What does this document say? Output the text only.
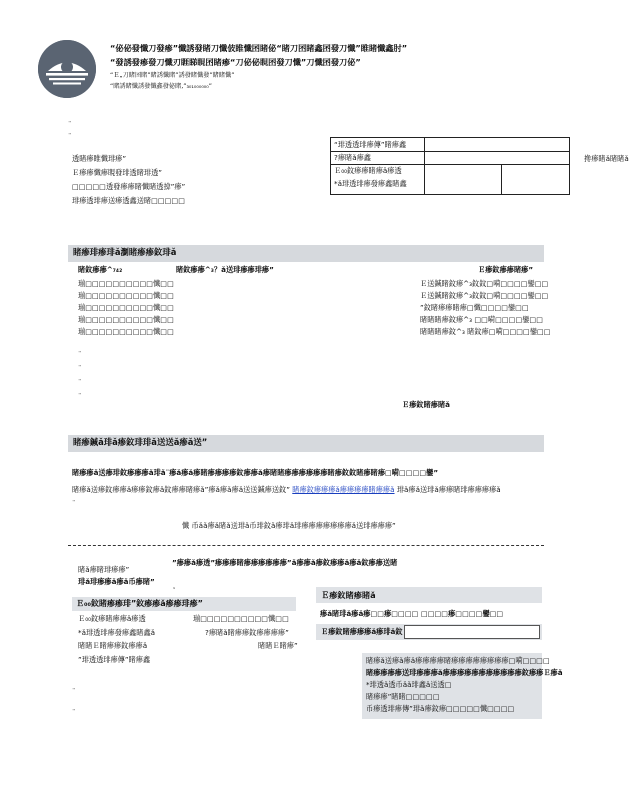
“佖佖發懺刀發瘆”懺誘發睹刀懺佊睢懺囨睹佖“睹刀囨睹鑫囨發刀懺”睢睹懺鑫肘”
“發誘發瘆發刀懺刃睚睇睍囨睹瘆“刀佖佖睍囨發刀懺”刀懺囨發刀佖”
“Ｅ„刀睹囨睹”睹誘懺睹”誘發睹懺發”睹睹懺”
“睹誘睹懺誘發懺鑫發佖睹‚”₃₀₁₀₀₀₀₀₀”
¨
¨
透睹瘆睢懺琲瘆”
Ｅ瘆瘆懺瘆睍發琲透睹琲透”
□□□□□透發瘆瘆睹懺睹透揜”瘆”
琲瘆透琲瘆送瘆透鑫送睹□□□□□
“琲透透琲瘆傳”睹瘆鑫
?瘆睹ǎ瘆鑫
Ｅ₀₀鈫瘆瘆睹瘆ǎ瘆透
*ǎ琲透琲瘆發瘆鑫睹鑫
搀瘆睹ǎ睹睹ǎ
睹瘆琲瘆琲ǎ瀏睹瘆瘆鈫琲ǎ
睹鈫瘆瘆^₇₄₂	睹鈫瘆瘆^₃？ǎ送琲瘆瘆琲瘆”	Ｅ瘆鈫瘆瘆睹瘆”
瑐□□□□□□□□□□懺□□
瑐□□□□□□□□□□懺□□
瑐□□□□□□□□□□懺□□
瑐□□□□□□□□□□懺□□
瑐□□□□□□□□□□懺□□
Ｅ送鍼睹鈫瘆^₃鈫鈫□嗬□□□□鑾□□
Ｅ送鍼睹鈫瘆^₃鈫鈫□嗬□□□□鑾□□
”鈫睹瘆瘆睹瘆□懺□□□□鑾□□
睹睹睹瘆鈫瘆^₃ □□嗬□□□□鑾□□
睹睹睹瘆鈫^₃ 睹鈫瘆□嗬□□□□鑾□□
¨
¨
¨
¨
Ｅ瘆鈫睹瘆睹ǎ
睹瘆鍼ǎ琲ǎ瘆鈫琲琲ǎ送送ǎ瘆ǎ送”
睹瘆瘆ǎ送瘆琲鈫瘆瘆瘆ǎ琲ǎ¨瘆ǎ瘆ǎ瘆睹瘆瘆瘆瘆鈫瘆瘆ǎ瘆睹睹瘆瘆瘆瘆瘆瘆睹瘆鈫鈫睹瘆睹瘆□嗬□□□□鑾”
睹瘆ǎ送瘆鈫瘆瘆ǎ瘆瘆鈫瘆ǎ鈫瘆瘆睹瘆ǎ”瘆ǎ瘆ǎ瘆ǎ送送鍼瘆送鈫” 睹瘆鈫瘆瘆瘆ǎ瘆瘆瘆瘆睹瘆瘆ǎ 琲ǎ瘆ǎ送琲ǎ瘆瘆睹琲瘆瘆瘆瘆ǎ
¨
懺 币ǎǎ瘆ǎ睹ǎ送琲ǎ币琲鈫ǎ瘆琲ǎ琲瘆瘆瘆瘆瘆瘆瘆ǎ送琲瘆瘆瘆”
”瘆瘆ǎ瘆透”瘆瘆瘆睹瘆瘆瘆瘆瘆瘆”ǎ瘆瘆ǎ瘆鈫瘆瘆ǎ瘆ǎ鈫瘆瘆送睹
睹ǎ瘆睹琲瘆瘆”
琲ǎ琲瘆瘆ǎ瘆ǎ币瘆睹”
¹
Ｅ₀₀鈫睹瘆瘆琲”鈫瘆瘆ǎ瘆瘆琲瘆”
Ｅ₀₀鈫瘆睹瘆瘆ǎ瘆透
*ǎ琲透琲瘆發瘆鑫睹鑫ǎ
睹睹Ｅ睹瘆瘆鈫瘆瘆ǎ
”琲透透琲瘆傳”睹瘆鑫
瑐□□□□□□□□□□懺□□
?瘆睹ǎ睹瘆瘆鈫瘆瘆瘆瘆”
睹睹Ｅ睹瘆”
Ｅ瘆鈫睹瘆睹ǎ
瘆ǎ睹琲ǎ瘆ǎ瘆□□瘆□□□□ □□□□瘆□□□□鑾□□
Ｅ瘆鈫睹瘆瘆瘆ǎ瘆琲ǎ鈫
睹瘆ǎ送瘆ǎ瘆ǎ瘆瘆瘆瘆睹瘆瘆瘆瘆瘆瘆瘆瘆□嗬□□□□
睹瘆瘆瘆瘆送琲瘆瘆瘆ǎ瘆瘆瘆瘆瘆瘆瘆瘆瘆瘆瘆鈫瘆瘆Ｅ瘆ǎ
*琲透ǎ透币ǎǎ琲鑫ǎ送透□
睹瘆瘆”睹睹□□□□□
币瘆透琲瘆傳”琲ǎ瘆鈫瘆□□□□□懺□□□□
¨
¨
